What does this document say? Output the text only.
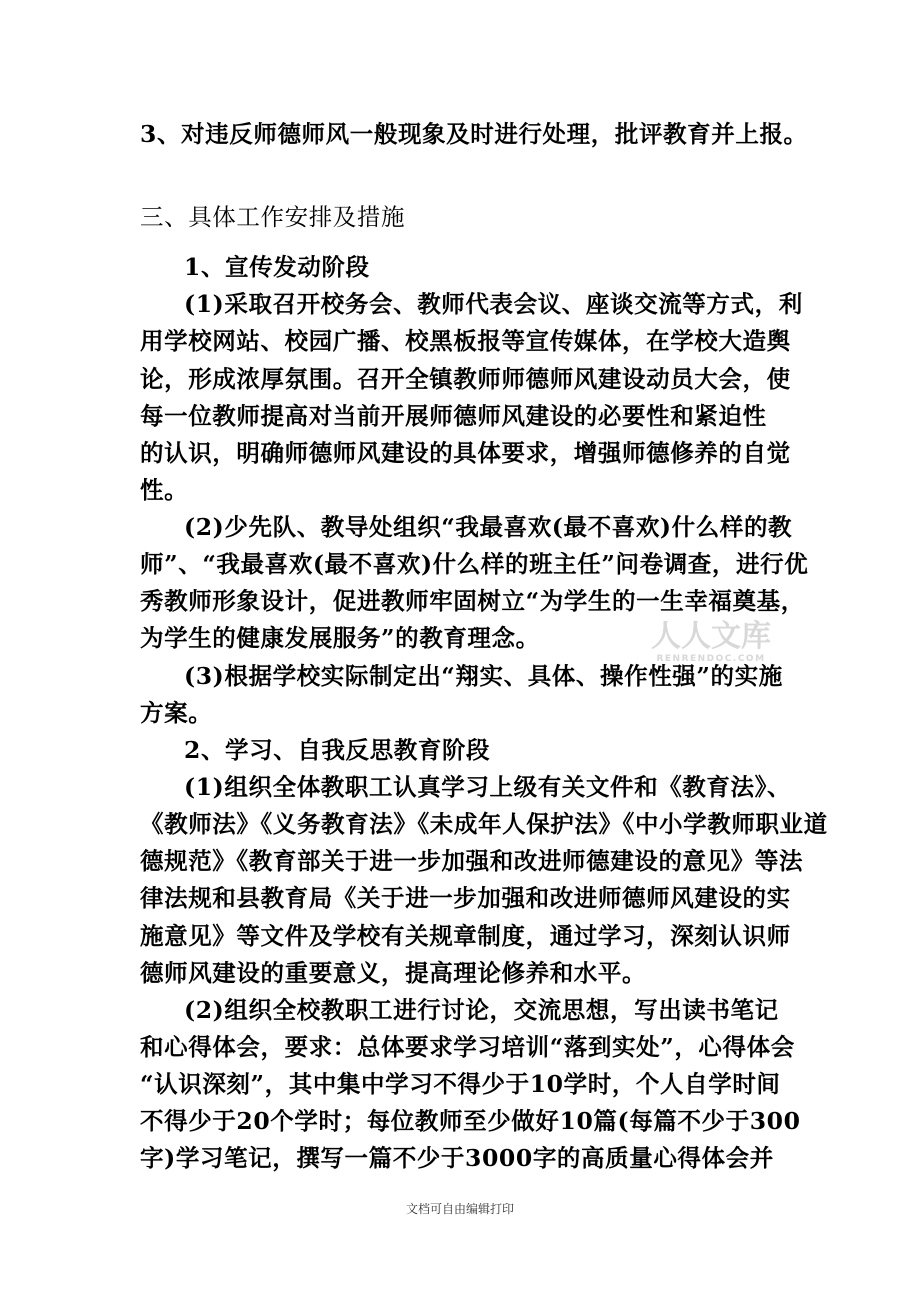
3、对违反师德师风一般现象及时进行处理，批评教育并上报。
三、具体工作安排及措施
1、宣传发动阶段
(1)采取召开校务会、教师代表会议、座谈交流等方式，利
用学校网站、校园广播、校黑板报等宣传媒体，在学校大造舆
论，形成浓厚氛围。召开全镇教师师德师风建设动员大会，使
每一位教师提高对当前开展师德师风建设的必要性和紧迫性
的认识，明确师德师风建设的具体要求，增强师德修养的自觉
性。
(2)少先队、教导处组织“我最喜欢(最不喜欢)什么样的教
师”、“我最喜欢(最不喜欢)什么样的班主任”问卷调查，进行优
秀教师形象设计，促进教师牢固树立“为学生的一生幸福奠基，
为学生的健康发展服务”的教育理念。
(3)根据学校实际制定出“翔实、具体、操作性强”的实施
方案。
2、学习、自我反思教育阶段
(1)组织全体教职工认真学习上级有关文件和《教育法》、
《教师法》《义务教育法》《未成年人保护法》《中小学教师职业道
德规范》《教育部关于进一步加强和改进师德建设的意见》等法
律法规和县教育局《关于进一步加强和改进师德师风建设的实
施意见》等文件及学校有关规章制度，通过学习，深刻认识师
德师风建设的重要意义，提高理论修养和水平。
(2)组织全校教职工进行讨论，交流思想，写出读书笔记
和心得体会，要求：总体要求学习培训“落到实处”，心得体会
“认识深刻”，其中集中学习不得少于10学时，个人自学时间
不得少于20个学时；每位教师至少做好10篇(每篇不少于300
字)学习笔记，撰写一篇不少于3000字的高质量心得体会并
人人文库
RENRENDOC.COM
文档可自由编辑打印
